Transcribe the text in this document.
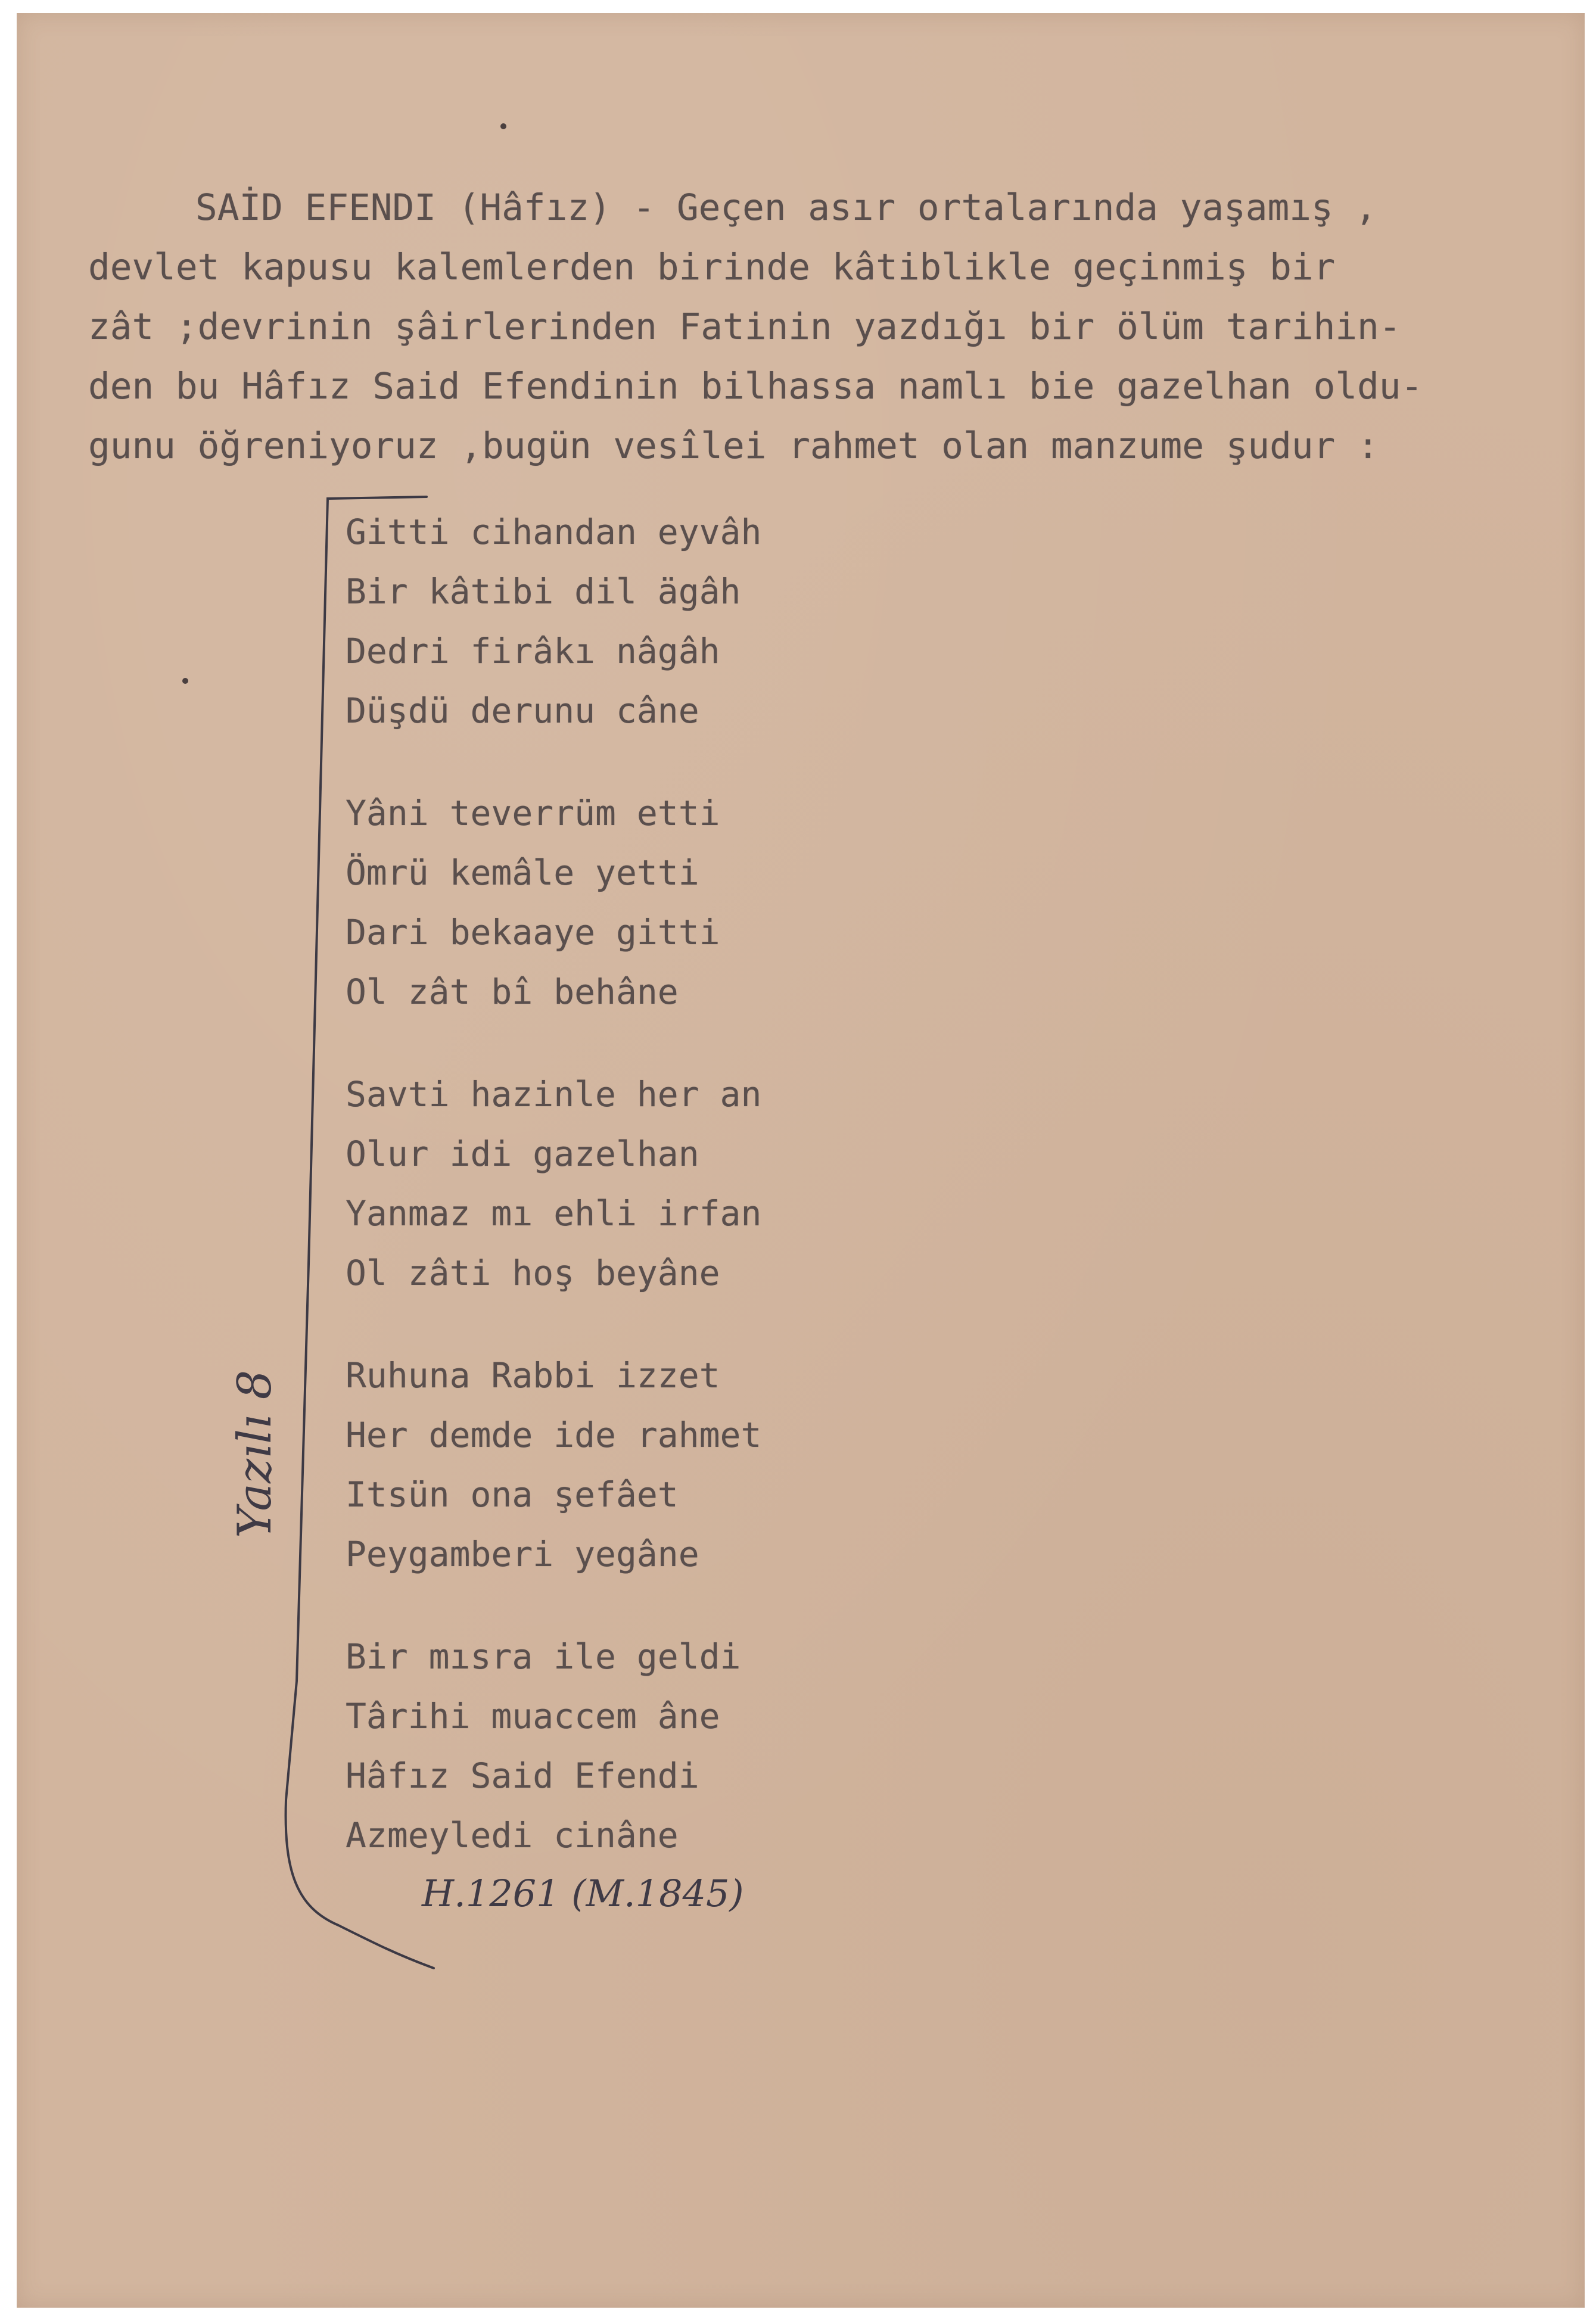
SAİD EFENDI (Hâfız) - Geçen asır ortalarında yaşamış ,
devlet kapusu kalemlerden birinde kâtiblikle geçinmiş bir
zât ;devrinin şâirlerinden Fatinin yazdığı bir ölüm tarihin-
den bu Hâfız Said Efendinin bilhassa namlı bie gazelhan oldu-
gunu öğreniyoruz ,bugün vesîlei rahmet olan manzume şudur :
Gitti cihandan eyvâh
Bir kâtibi dil ägâh
Dedri firâkı nâgâh
Düşdü derunu câne
Yâni teverrüm etti
Ömrü kemâle yetti
Dari bekaaye gitti
Ol zât bî behâne
Savti hazinle her an
Olur idi gazelhan
Yanmaz mı ehli irfan
Ol zâti hoş beyâne
Ruhuna Rabbi izzet
Her demde ide rahmet
Itsün ona şefâet
Peygamberi yegâne
Bir mısra ile geldi
Târihi muaccem âne
Hâfız Said Efendi
Azmeyledi cinâne
H.1261 (M.1845)
Yazılı 8
